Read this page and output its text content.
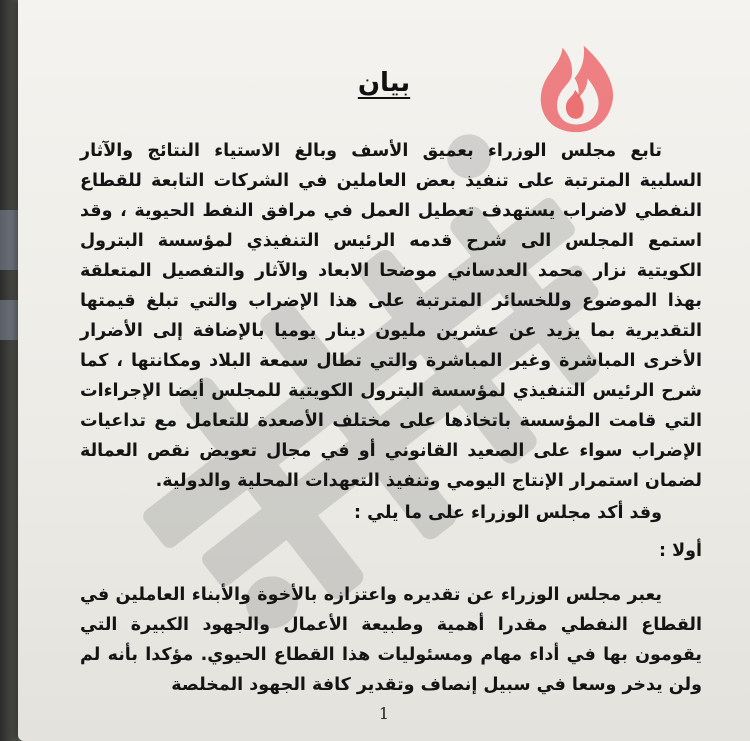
بيان

تابع مجلس الوزراء بعميق الأسف وبالغ الاستياء النتائج والآثار السلبية المترتبة على تنفيذ بعض العاملين في الشركات التابعة للقطاع النفطي لاضراب يستهدف تعطيل العمل في مرافق النفط الحيوية ، وقد استمع المجلس الى شرح قدمه الرئيس التنفيذي لمؤسسة البترول الكويتية نزار محمد العدساني موضحا الابعاد والآثار والتفصيل المتعلقة بهذا الموضوع وللخسائر المترتبة على هذا الإضراب والتي تبلغ قيمتها التقديرية بما يزيد عن عشرين مليون دينار يوميا بالإضافة إلى الأضرار الأخرى المباشرة وغير المباشرة والتي تطال سمعة البلاد ومكانتها ، كما شرح الرئيس التنفيذي لمؤسسة البترول الكويتية للمجلس أيضا الإجراءات التي قامت المؤسسة باتخاذها على مختلف الأصعدة للتعامل مع تداعيات الإضراب سواء على الصعيد القانوني أو في مجال تعويض نقص العمالة لضمان استمرار الإنتاج اليومي وتنفيذ التعهدات المحلية والدولية.

وقد أكد مجلس الوزراء على ما يلي :

أولا :

يعبر مجلس الوزراء عن تقديره واعتزازه بالأخوة والأبناء العاملين في القطاع النفطي مقدرا أهمية وطبيعة الأعمال والجهود الكبيرة التي يقومون بها في أداء مهام ومسئوليات هذا القطاع الحيوي. مؤكدا بأنه لم ولن يدخر وسعا في سبيل إنصاف وتقدير كافة الجهود المخلصة

1
